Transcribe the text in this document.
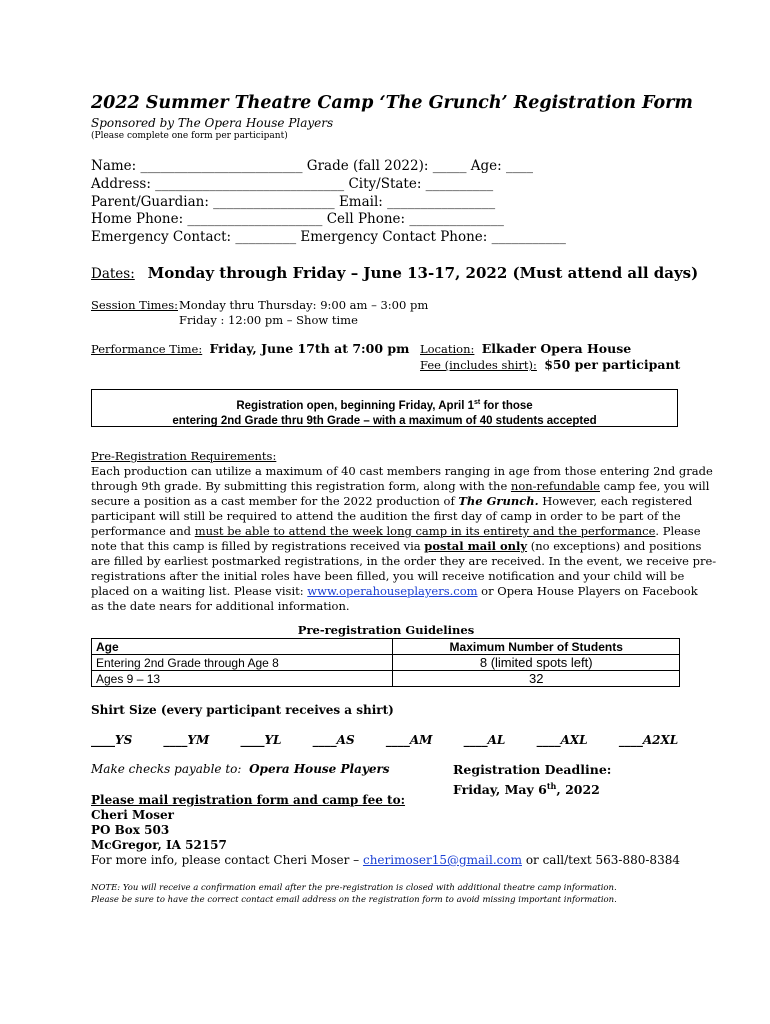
2022 Summer Theatre Camp ‘The Grunch’ Registration Form
Sponsored by The Opera House Players
(Please complete one form per participant)
Name: ________________________ Grade (fall 2022): _____ Age: ____
Address: ____________________________ City/State: __________
Parent/Guardian: __________________ Email: ________________
Home Phone: ____________________ Cell Phone: ______________
Emergency Contact: _________ Emergency Contact Phone: ___________
Dates: Monday through Friday – June 13-17, 2022 (Must attend all days)
Session Times: Monday thru Thursday: 9:00 am – 3:00 pm
Friday : 12:00 pm – Show time
Performance Time: Friday, June 17th at 7:00 pm Location: Elkader Opera House
Fee (includes shirt): $50 per participant
Registration open, beginning Friday, April 1st for those
entering 2nd Grade thru 9th Grade – with a maximum of 40 students accepted

Pre-Registration Requirements:

Each production can utilize a maximum of 40 cast members ranging in age from those entering 2nd grade

through 9th grade. By submitting this registration form, along with the non-refundable camp fee, you will

secure a position as a cast member for the 2022 production of The Grunch. However, each registered

participant will still be required to attend the audition the first day of camp in order to be part of the

performance and must be able to attend the week long camp in its entirety and the performance. Please

note that this camp is filled by registrations received via postal mail only (no exceptions) and positions

are filled by earliest postmarked registrations, in the order they are received. In the event, we receive pre-

registrations after the initial roles have been filled, you will receive notification and your child will be

placed on a waiting list. Please visit: www.operahouseplayers.com or Opera House Players on Facebook

as the date nears for additional information.

Pre-registration Guidelines
Age	Maximum Number of Students
Entering 2nd Grade through Age 8	8 (limited spots left)
Ages 9 – 13	32
Shirt Size (every participant receives a shirt)
____YS	____YM	____YL	____AS	____AM	____AL	____AXL	____A2XL
Make checks payable to: Opera House Players	Registration Deadline:
Friday, May 6th, 2022
Please mail registration form and camp fee to:
Cheri Moser
PO Box 503
McGregor, IA 52157
For more info, please contact Cheri Moser – cherimoser15@gmail.com or call/text 563-880-8384
NOTE: You will receive a confirmation email after the pre-registration is closed with additional theatre camp information.
Please be sure to have the correct contact email address on the registration form to avoid missing important information.
